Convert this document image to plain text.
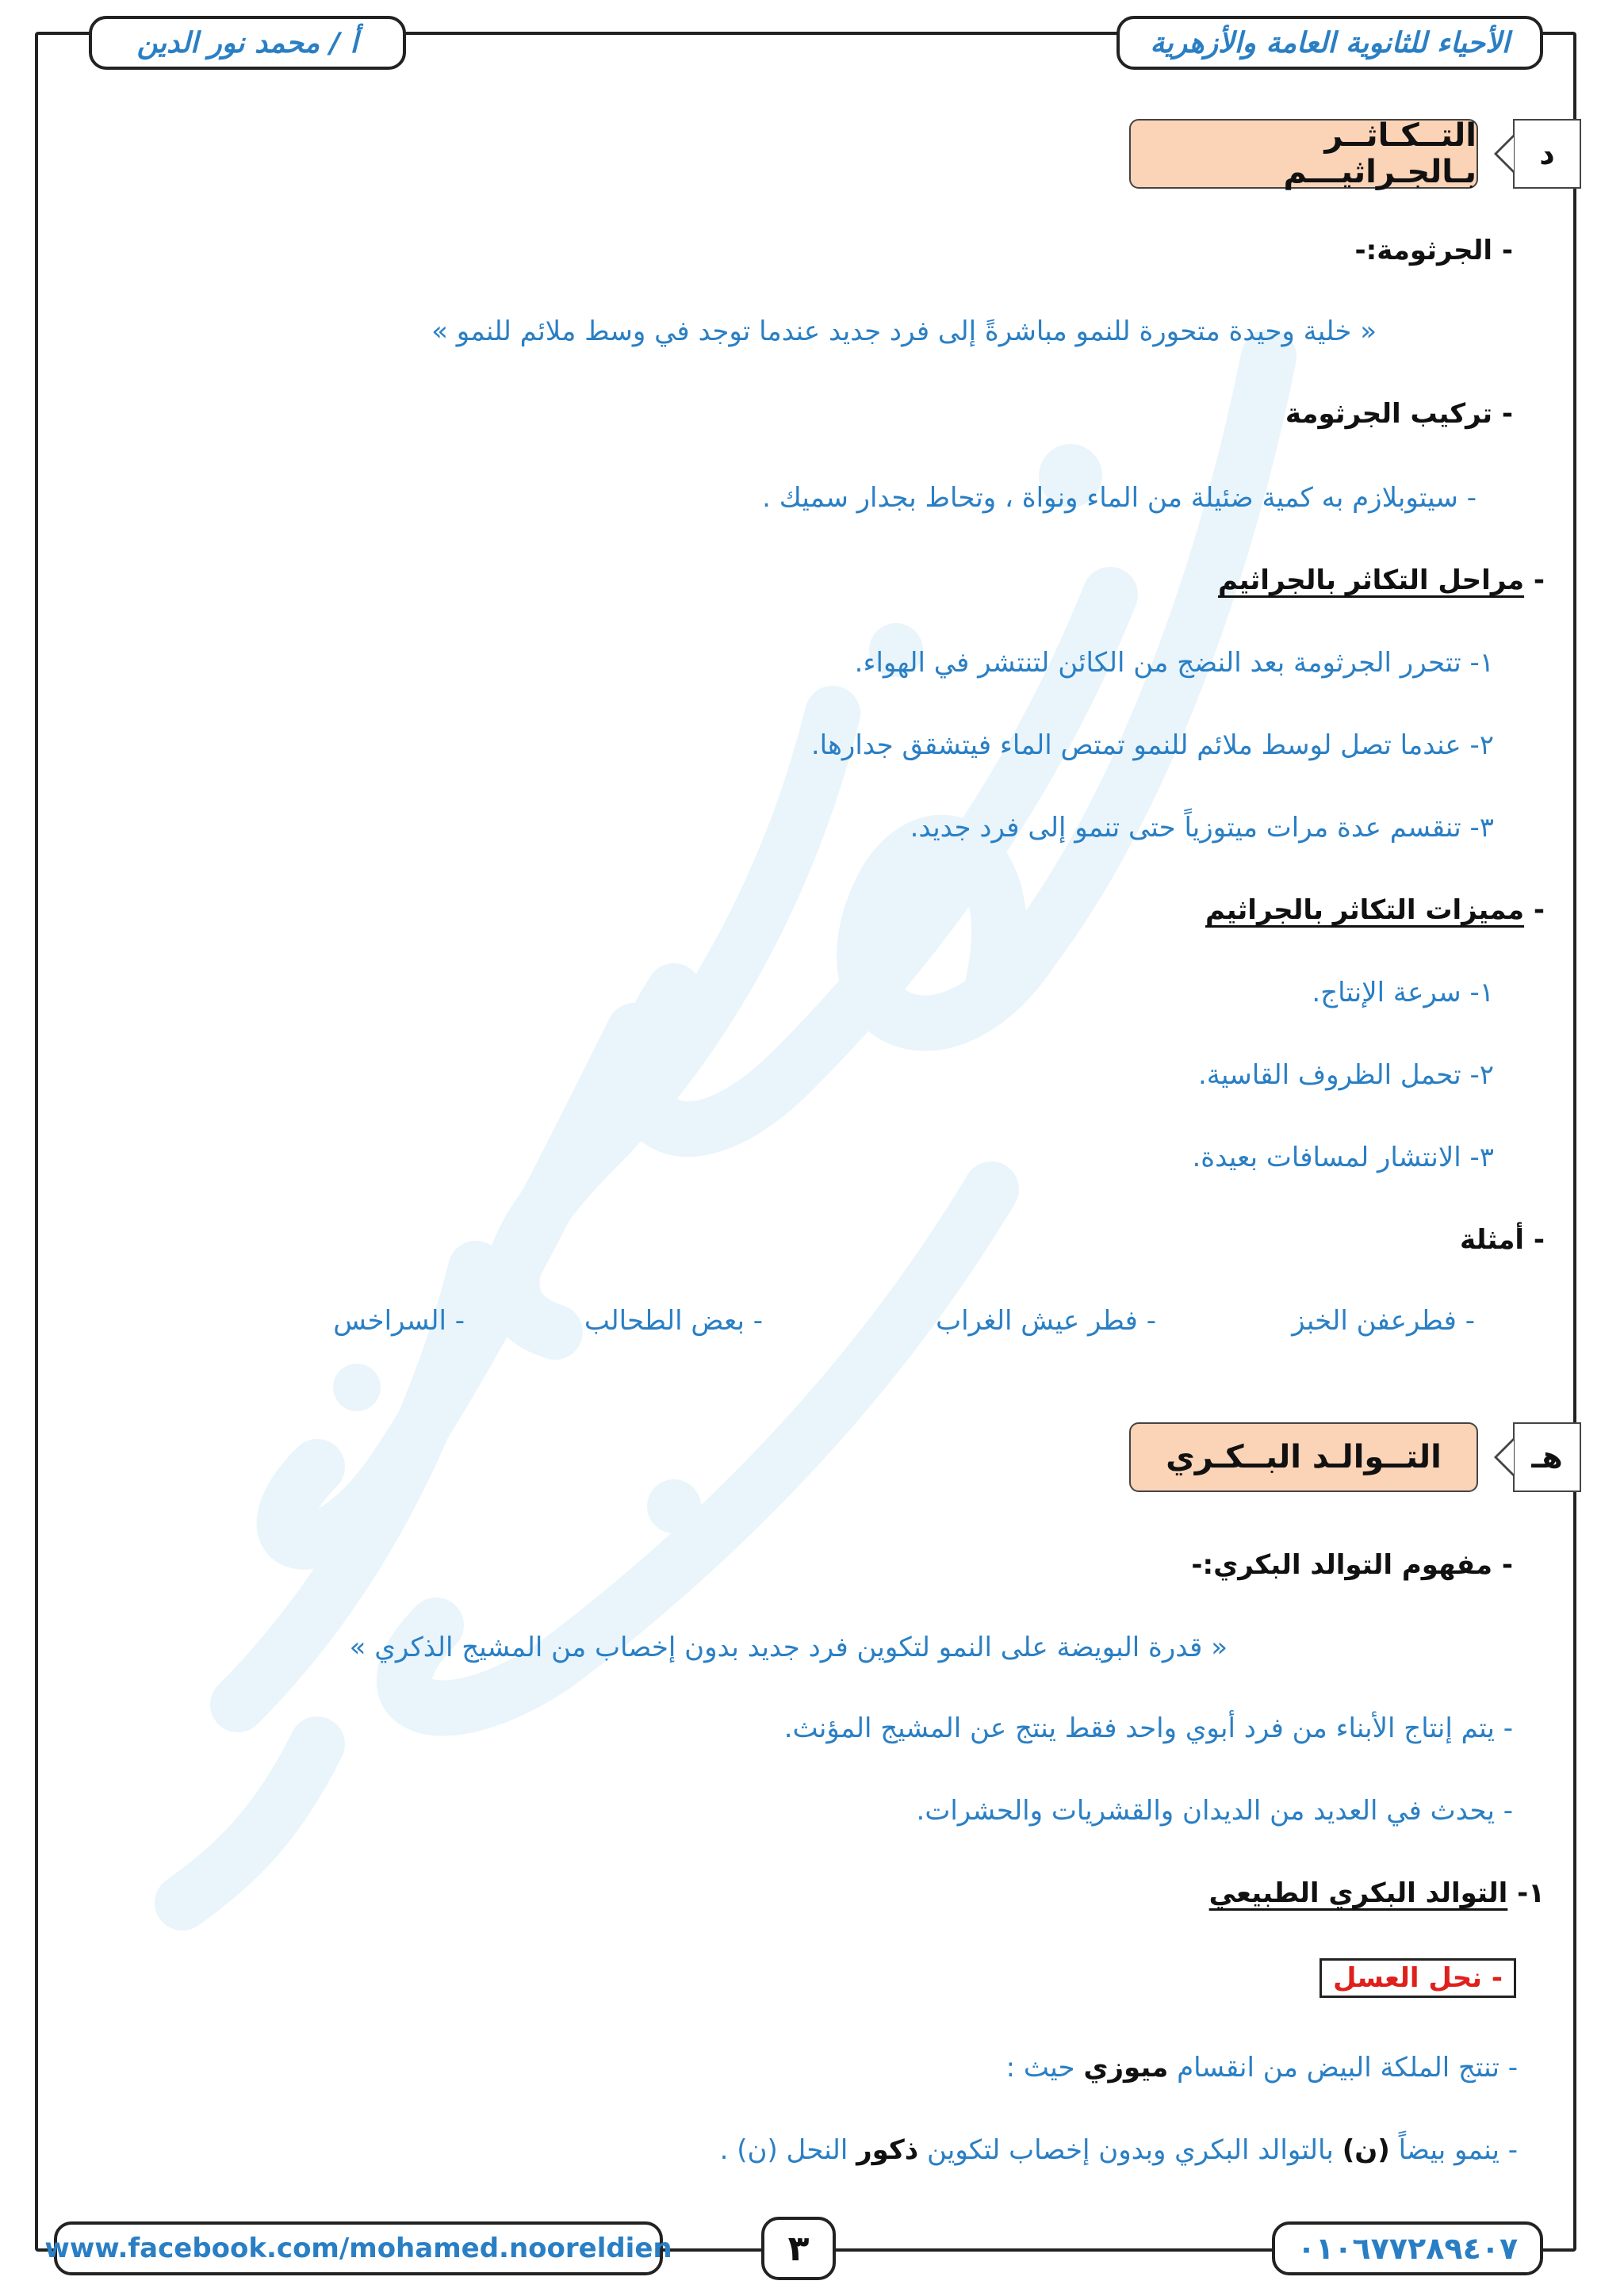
أ / محمد نور الدين	الأحياء للثانوية العامة والأزهرية
التــكـاثــر بـالجـراثيـــم د
- الجرثومة:-
« خلية وحيدة متحورة للنمو مباشرةً إلى فرد جديد عندما توجد في وسط ملائم للنمو »
- تركيب الجرثومة
- سيتوبلازم به كمية ضئيلة من الماء ونواة ، وتحاط بجدار سميك .
- مراحل التكاثر بالجراثيم
١- تتحرر الجرثومة بعد النضج من الكائن لتنتشر في الهواء.
٢- عندما تصل لوسط ملائم للنمو تمتص الماء فيتشقق جدارها.
٣- تنقسم عدة مرات ميتوزياً حتى تنمو إلى فرد جديد.
- مميزات التكاثر بالجراثيم
١- سرعة الإنتاج.
٢- تحمل الظروف القاسية.
٣- الانتشار لمسافات بعيدة.
- أمثلة
- فطرعفن الخبز
- فطر عيش الغراب
- بعض الطحالب
- السراخس
التــوالـد البــكـري	هـ
- مفهوم التوالد البكري:-
« قدرة البويضة على النمو لتكوين فرد جديد بدون إخصاب من المشيج الذكري »
- يتم إنتاج الأبناء من فرد أبوي واحد فقط ينتج عن المشيج المؤنث.
- يحدث في العديد من الديدان والقشريات والحشرات.
١- التوالد البكري الطبيعي
- نحل العسل
- تنتج الملكة البيض من انقسام ميوزي حيث :
- ينمو بيضاً (ن) بالتوالد البكري وبدون إخصاب لتكوين ذكور النحل (ن) .
www.facebook.com/mohamed.nooreldien	٣	٠١٠٦٧٧٢٨٩٤٠٧
